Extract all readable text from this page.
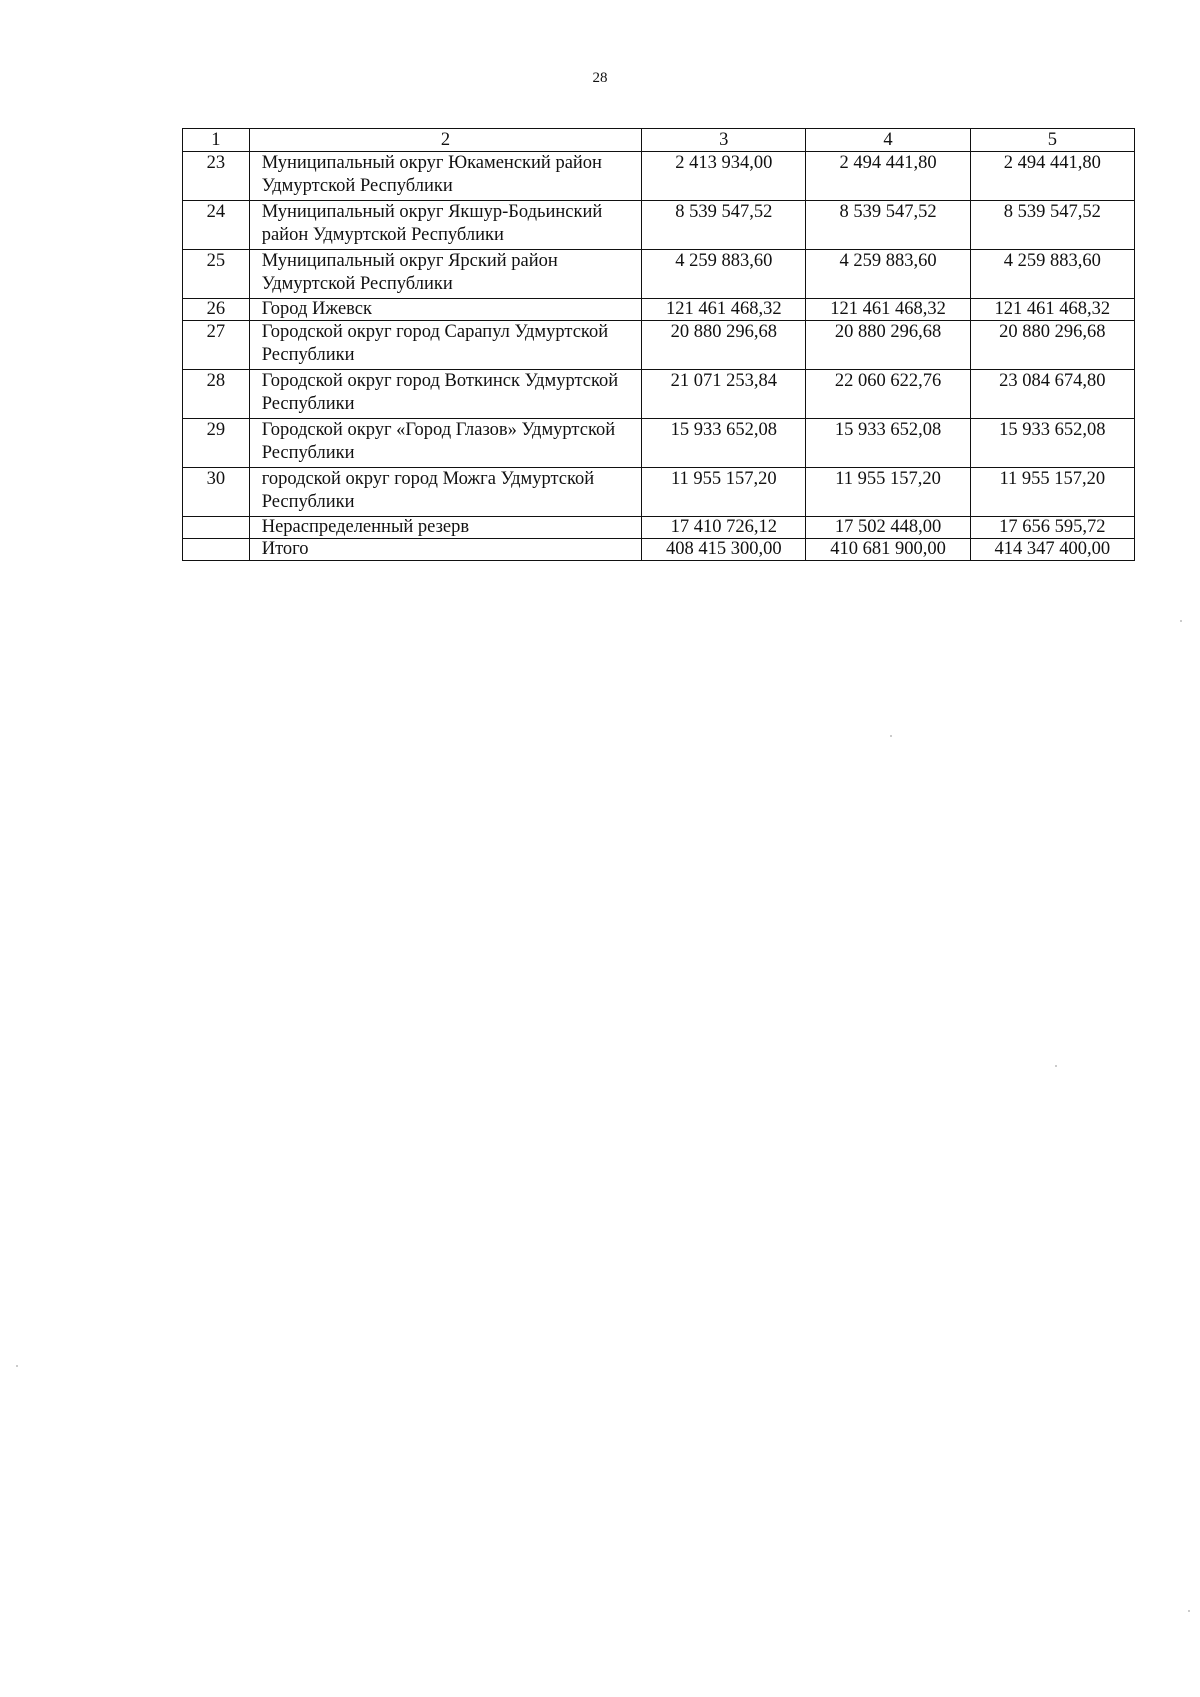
28
1	2	3	4	5
23	Муниципальный округ Юкаменский район Удмуртской Республики	2 413 934,00	2 494 441,80	2 494 441,80
24	Муниципальный округ Якшур-Бодьинский район Удмуртской Республики	8 539 547,52	8 539 547,52	8 539 547,52
25	Муниципальный округ Ярский район Удмуртской Республики	4 259 883,60	4 259 883,60	4 259 883,60
26	Город Ижевск	121 461 468,32	121 461 468,32	121 461 468,32
27	Городской округ город Сарапул Удмуртской Республики	20 880 296,68	20 880 296,68	20 880 296,68
28	Городской округ город Воткинск Удмуртской Республики	21 071 253,84	22 060 622,76	23 084 674,80
29	Городской округ «Город Глазов» Удмуртской Республики	15 933 652,08	15 933 652,08	15 933 652,08
30	городской округ город Можга Удмуртской Республики	11 955 157,20	11 955 157,20	11 955 157,20
	Нераспределенный резерв	17 410 726,12	17 502 448,00	17 656 595,72
	Итого	408 415 300,00	410 681 900,00	414 347 400,00
